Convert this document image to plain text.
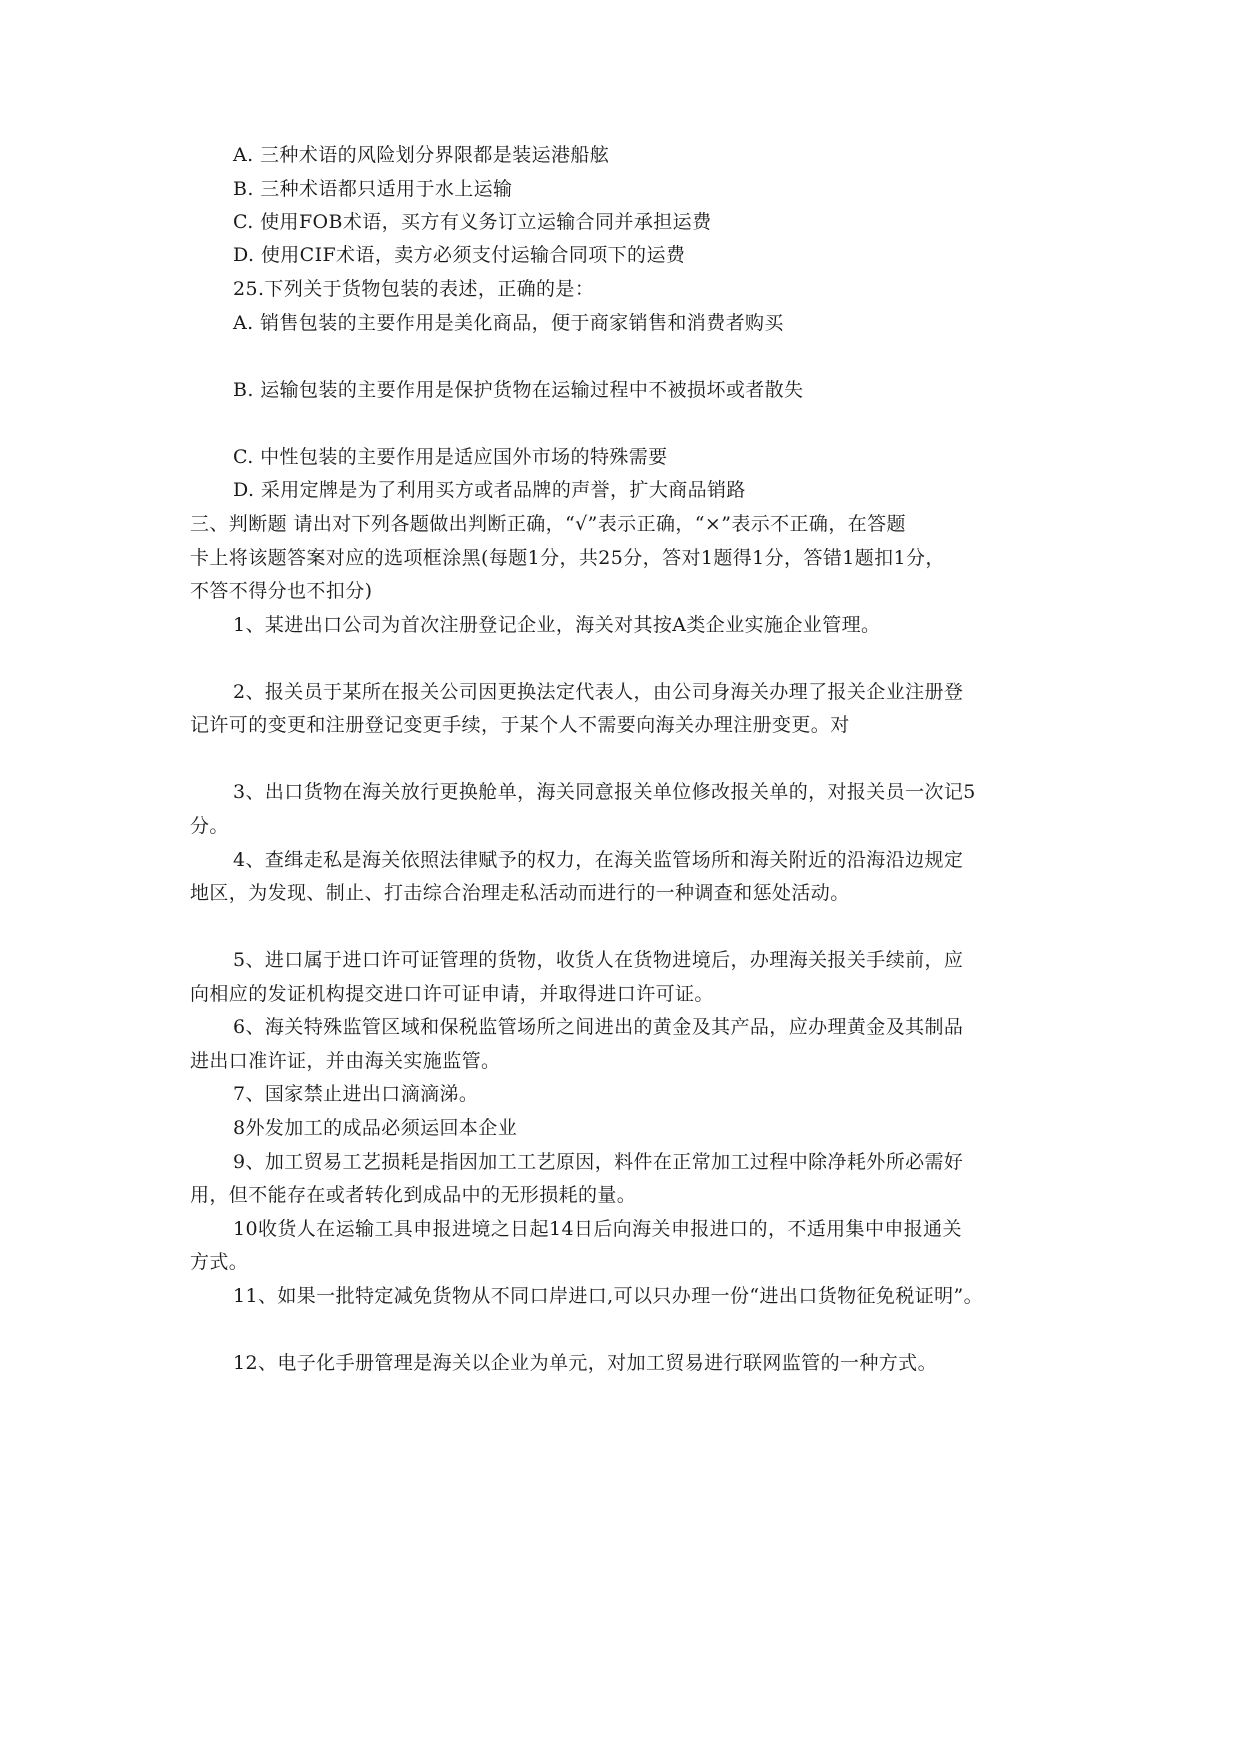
A. 三种术语的风险划分界限都是装运港船舷
B. 三种术语都只适用于水上运输
C. 使用FOB术语，买方有义务订立运输合同并承担运费
D. 使用CIF术语，卖方必须支付运输合同项下的运费
25.下列关于货物包装的表述，正确的是：
A. 销售包装的主要作用是美化商品，便于商家销售和消费者购买
B. 运输包装的主要作用是保护货物在运输过程中不被损坏或者散失
C. 中性包装的主要作用是适应国外市场的特殊需要
D. 采用定牌是为了利用买方或者品牌的声誉，扩大商品销路
三、判断题 请出对下列各题做出判断正确，“√”表示正确，“×”表示不正确，在答题
卡上将该题答案对应的选项框涂黑(每题1分，共25分，答对1题得1分，答错1题扣1分，
不答不得分也不扣分)
1、某进出口公司为首次注册登记企业，海关对其按A类企业实施企业管理。
2、报关员于某所在报关公司因更换法定代表人，由公司身海关办理了报关企业注册登
记许可的变更和注册登记变更手续，于某个人不需要向海关办理注册变更。对
3、出口货物在海关放行更换舱单，海关同意报关单位修改报关单的，对报关员一次记5
分。
4、查缉走私是海关依照法律赋予的权力，在海关监管场所和海关附近的沿海沿边规定
地区，为发现、制止、打击综合治理走私活动而进行的一种调查和惩处活动。
5、进口属于进口许可证管理的货物，收货人在货物进境后，办理海关报关手续前，应
向相应的发证机构提交进口许可证申请，并取得进口许可证。
6、海关特殊监管区域和保税监管场所之间进出的黄金及其产品，应办理黄金及其制品
进出口准许证，并由海关实施监管。
7、国家禁止进出口滴滴涕。
8外发加工的成品必须运回本企业
9、加工贸易工艺损耗是指因加工工艺原因，料件在正常加工过程中除净耗外所必需好
用，但不能存在或者转化到成品中的无形损耗的量。
10收货人在运输工具申报进境之日起14日后向海关申报进口的，不适用集中申报通关
方式。
11、如果一批特定减免货物从不同口岸进口,可以只办理一份“进出口货物征免税证明”。
12、电子化手册管理是海关以企业为单元，对加工贸易进行联网监管的一种方式。
